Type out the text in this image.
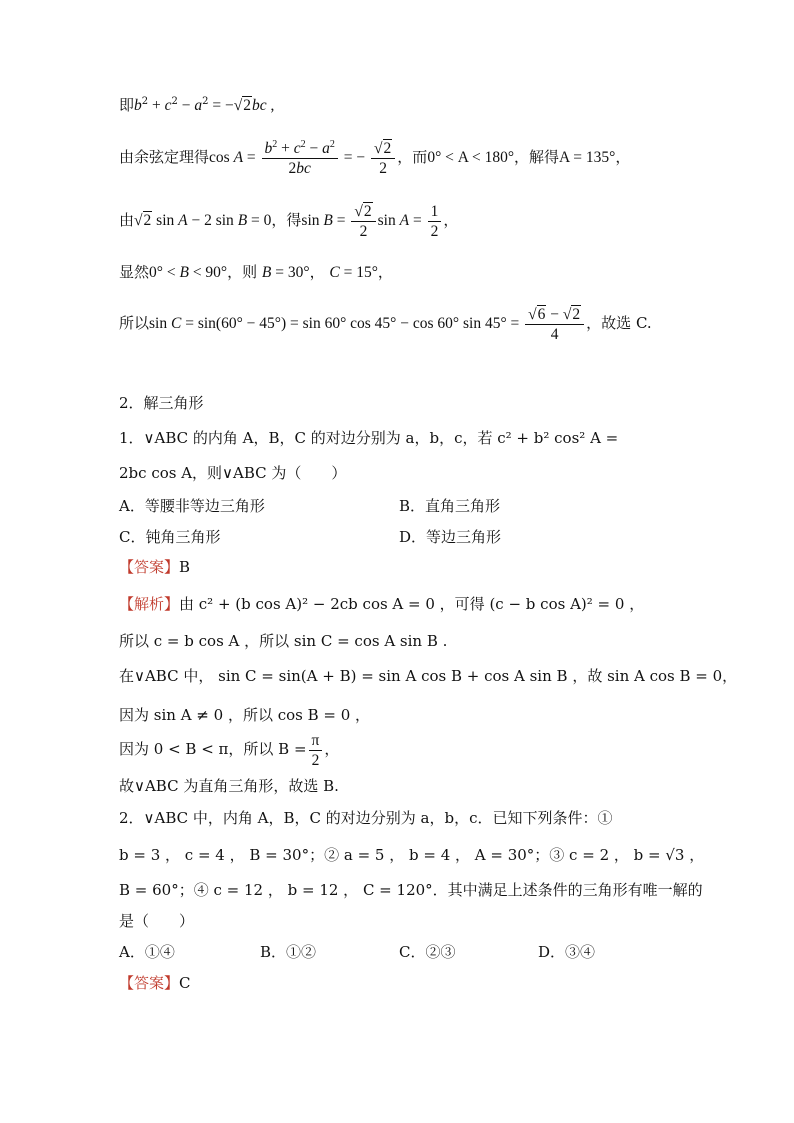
即$b^2 + c^2 - a^2 = -√2bc$ ,
由余弦定理得$\cos A = \frac{b^2 + c^2 - a^2}{2bc}$ = − $\frac{√2}{2}$ ，而0° < A < 180°，解得A = 135°，
由√2 sin A − 2 sin B = 0，得$\sin B = \frac{√2}{2}$ $\sin A = \frac{1}{2}$ ，
显然0° < B < 90°，则 B = 30°， C = 15°，
所以sin C = sin(60° − 45°) = sin 60° cos 45° − cos 60° $\sin 45^\circ = \frac{√6 - √2}{4}$ ，故选 C.
2．解三角形
1．∨ABC 的内角 A，B，C 的对边分别为 a，b，c，若 c² + b² cos² A =
2bc cos A，则∨ABC 为（　　）
A．等腰非等边三角形	B．直角三角形
C．钝角三角形	D．等边三角形
【答案】B
【解析】由 c² + (b cos A)² − 2cb cos A = 0 ，可得 (c − b cos A)² = 0 ，
所以 c = b cos A ，所以 sin C = cos A sin B .
在∨ABC 中， sin C = sin(A + B) = sin A cos B + cos A sin B ，故 sin A cos B = 0，
因为 sin A ≠ 0 ，所以 cos B = 0 ，
因为 0 < B < π，所以 $B = \frac{\pi}{2}$ ，
故∨ABC 为直角三角形，故选 B.
2．∨ABC 中，内角 A，B，C 的对边分别为 a，b，c．已知下列条件：①
b = 3 ， c = 4 ， B = 30°；② a = 5 ， b = 4 ， A = 30°；③ c = 2 ， b = √3 ，
B = 60°；④ c = 12 ， b = 12 ， C = 120°．其中满足上述条件的三角形有唯一解的
是（　　）
A．①④	B．①②	C．②③	D．③④
【答案】C
